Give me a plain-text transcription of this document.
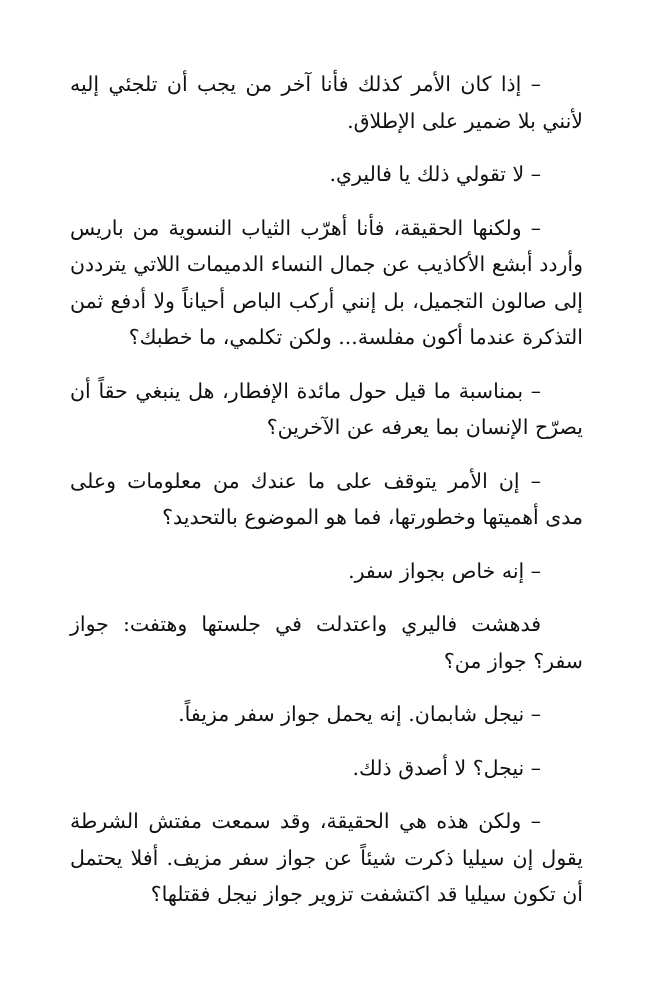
– إذا كان الأمر كذلك فأنا آخر من يجب أن تلجئي إليه لأنني بلا ضمير على الإطلاق.

– لا تقولي ذلك يا فاليري.

– ولكنها الحقيقة، فأنا أهرّب الثياب النسوية من باريس وأردد أبشع الأكاذيب عن جمال النساء الدميمات اللاتي يترددن إلى صالون التجميل، بل إنني أركب الباص أحياناً ولا أدفع ثمن التذكرة عندما أكون مفلسة... ولكن تكلمي، ما خطبك؟

– بمناسبة ما قيل حول مائدة الإفطار، هل ينبغي حقاً أن يصرّح الإنسان بما يعرفه عن الآخرين؟

– إن الأمر يتوقف على ما عندك من معلومات وعلى مدى أهميتها وخطورتها، فما هو الموضوع بالتحديد؟

– إنه خاص بجواز سفر.

فدهشت فاليري واعتدلت في جلستها وهتفت: جواز سفر؟ جواز من؟

– نيجل شابمان. إنه يحمل جواز سفر مزيفاً.

– نيجل؟ لا أصدق ذلك.

– ولكن هذه هي الحقيقة، وقد سمعت مفتش الشرطة يقول إن سيليا ذكرت شيئاً عن جواز سفر مزيف. أفلا يحتمل أن تكون سيليا قد اكتشفت تزوير جواز نيجل فقتلها؟
